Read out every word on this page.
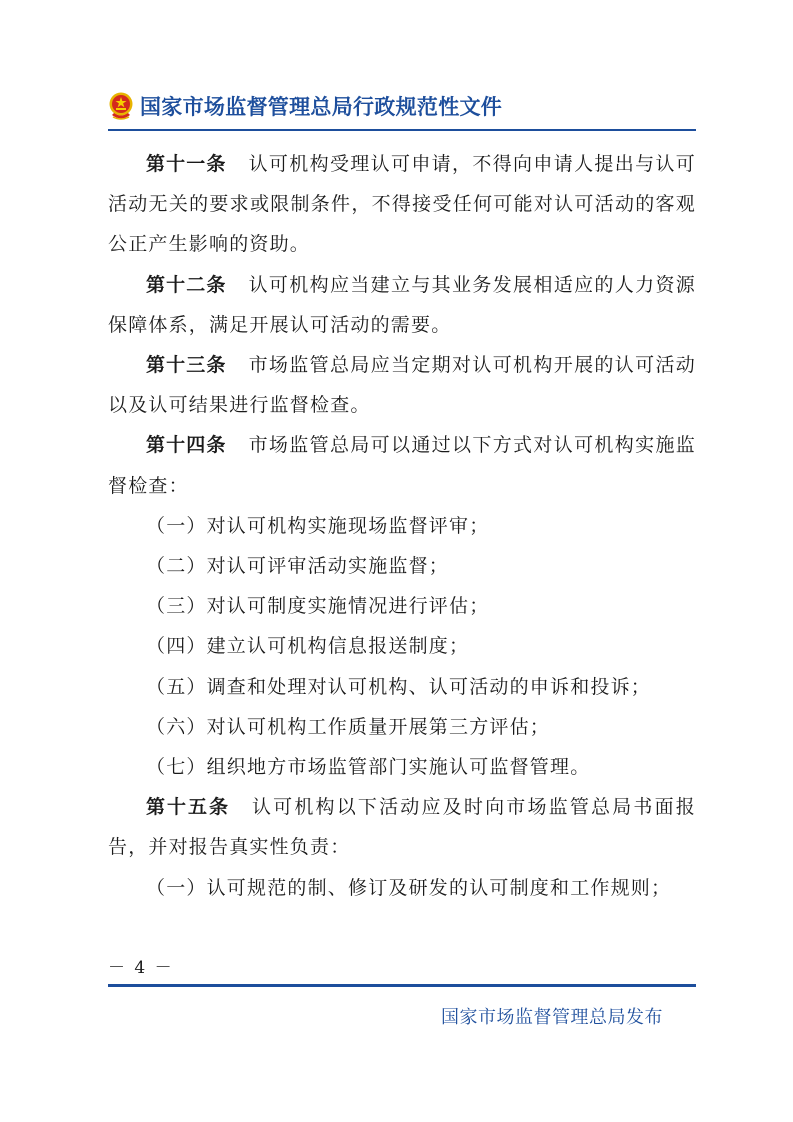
国家市场监督管理总局行政规范性文件

第十一条 认可机构受理认可申请，不得向申请人提出与认可活动无关的要求或限制条件，不得接受任何可能对认可活动的客观公正产生影响的资助。

第十二条 认可机构应当建立与其业务发展相适应的人力资源保障体系，满足开展认可活动的需要。

第十三条 市场监管总局应当定期对认可机构开展的认可活动以及认可结果进行监督检查。

第十四条 市场监管总局可以通过以下方式对认可机构实施监督检查：

（一）对认可机构实施现场监督评审；

（二）对认可评审活动实施监督；

（三）对认可制度实施情况进行评估；

（四）建立认可机构信息报送制度；

（五）调查和处理对认可机构、认可活动的申诉和投诉；

（六）对认可机构工作质量开展第三方评估；

（七）组织地方市场监管部门实施认可监督管理。

第十五条 认可机构以下活动应及时向市场监管总局书面报告，并对报告真实性负责：

（一）认可规范的制、修订及研发的认可制度和工作规则；

－ 4 －
国家市场监督管理总局发布
